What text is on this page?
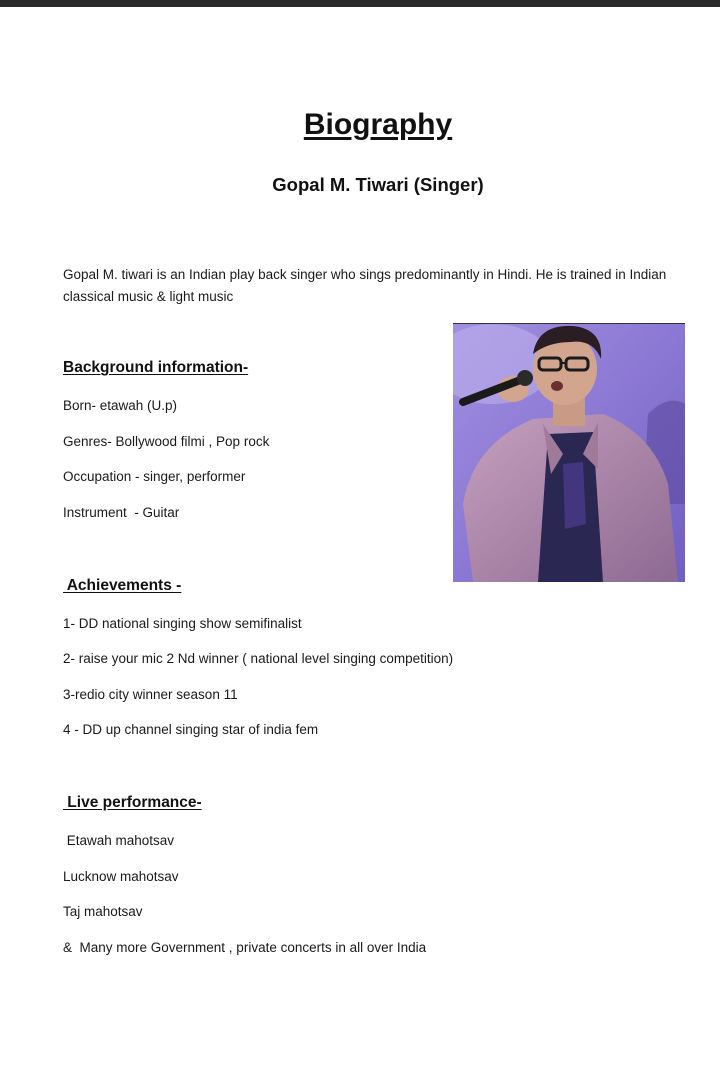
Biography
Gopal M. Tiwari (Singer)
Gopal M. tiwari is an Indian play back singer who sings predominantly in Hindi. He is trained in Indian classical music & light music
Background information-
Born- etawah (U.p)
Genres- Bollywood filmi , Pop rock
Occupation - singer, performer
Instrument  - Guitar
Achievements -
1- DD national singing show semifinalist
2- raise your mic 2 Nd winner ( national level singing competition)
3-redio city winner season 11
4 - DD up channel singing star of india fem
Live performance-
Etawah mahotsav
Lucknow mahotsav
Taj mahotsav
&  Many more Government , private concerts in all over India
